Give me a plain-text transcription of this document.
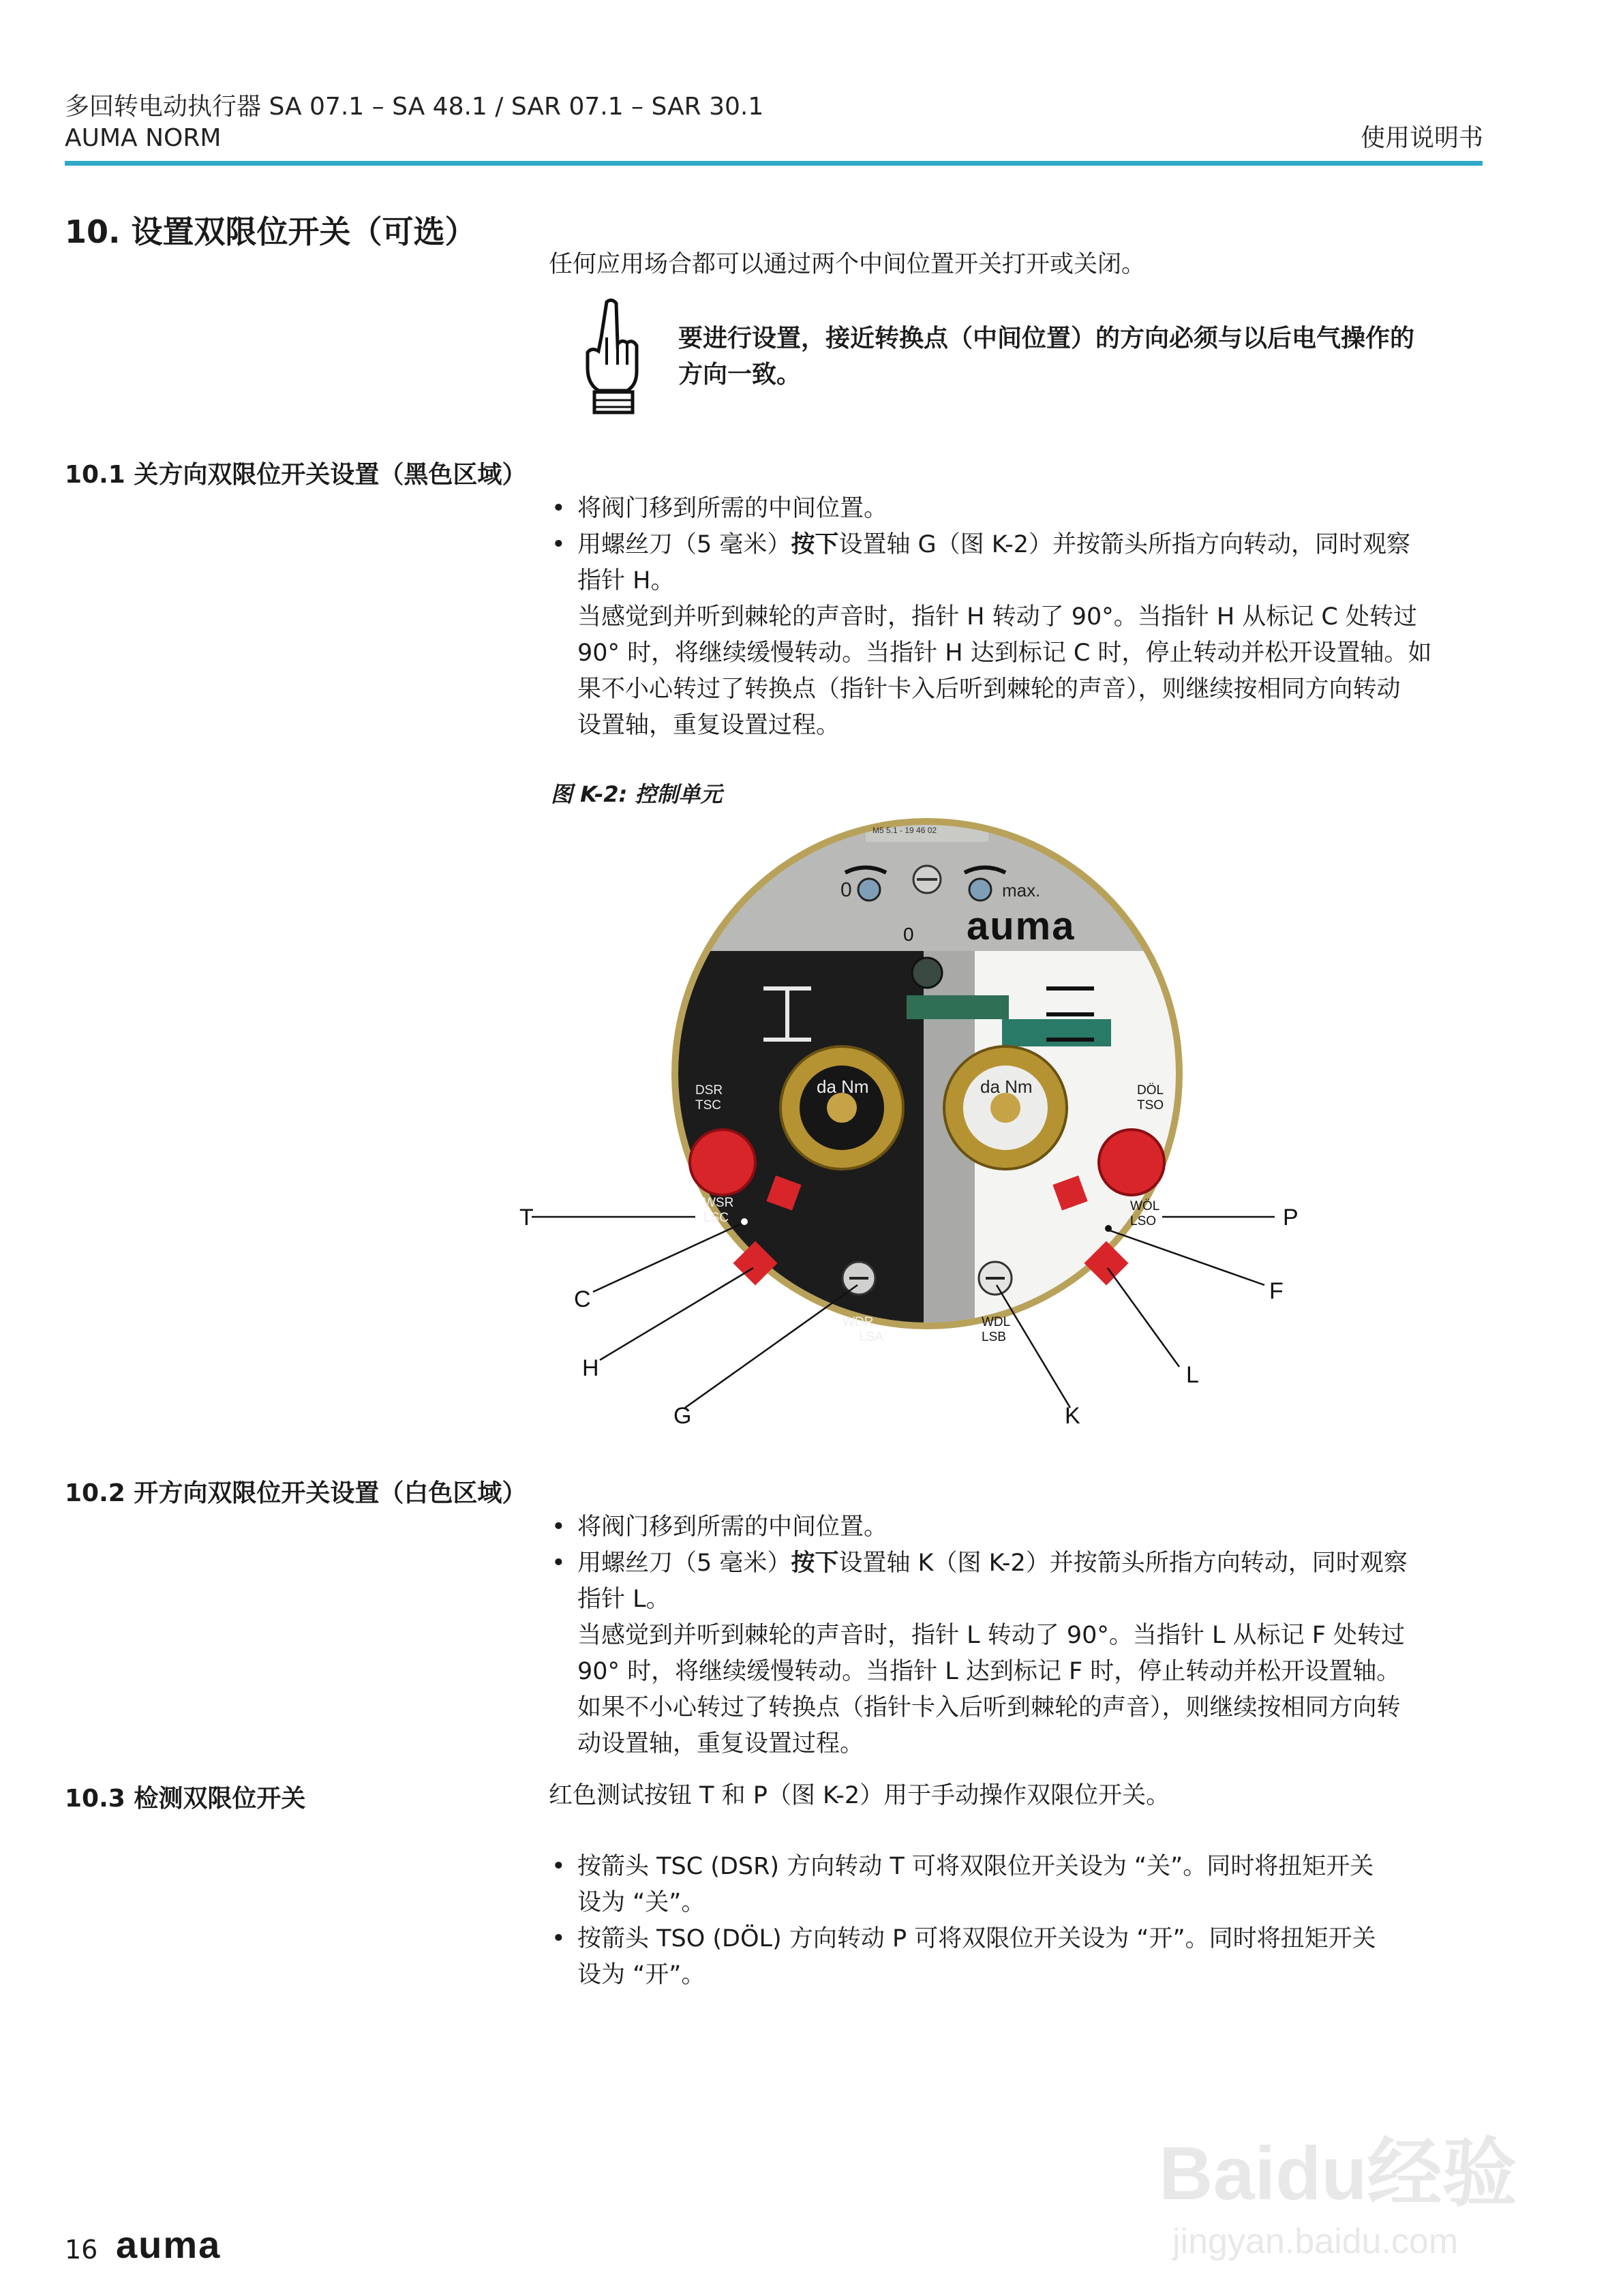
多回转电动执行器 SA 07.1 – SA 48.1 / SAR 07.1 – SAR 30.1
AUMA NORM	使用说明书
10. 设置双限位开关（可选）
任何应用场合都可以通过两个中间位置开关打开或关闭。
要进行设置，接近转换点（中间位置）的方向必须与以后电气操作的
方向一致。
10.1 关方向双限位开关设置（黑色区域）
• 将阀门移到所需的中间位置。
• 用螺丝刀（5 毫米）按下设置轴 G（图 K-2）并按箭头所指方向转动，同时观察
指针 H。
当感觉到并听到棘轮的声音时，指针 H 转动了 90°。当指针 H 从标记 C 处转过
90° 时，将继续缓慢转动。当指针 H 达到标记 C 时，停止转动并松开设置轴。如
果不小心转过了转换点（指针卡入后听到棘轮的声音），则继续按相同方向转动
设置轴，重复设置过程。
图 K-2: 控制单元
M5 5.1 - 19 46 02
0	max.
0 auma
da Nm	da Nm
DSR
TSC
DÖL
TSO
WSR
LSC
WÖL
LSO
WDR
LSA
WDL
LSB
T	P
C	F
H	L
G	K
10.2 开方向双限位开关设置（白色区域）
• 将阀门移到所需的中间位置。
• 用螺丝刀（5 毫米）按下设置轴 K（图 K-2）并按箭头所指方向转动，同时观察
指针 L。
当感觉到并听到棘轮的声音时，指针 L 转动了 90°。当指针 L 从标记 F 处转过
90° 时，将继续缓慢转动。当指针 L 达到标记 F 时，停止转动并松开设置轴。
如果不小心转过了转换点（指针卡入后听到棘轮的声音），则继续按相同方向转
动设置轴，重复设置过程。
10.3 检测双限位开关	红色测试按钮 T 和 P（图 K-2）用于手动操作双限位开关。
• 按箭头 TSC (DSR) 方向转动 T 可将双限位开关设为 “关”。同时将扭矩开关
设为 “关”。
• 按箭头 TSO (DÖL) 方向转动 P 可将双限位开关设为 “开”。同时将扭矩开关
设为 “开”。
Baidu经验
jingyan.baidu.com
16 auma
